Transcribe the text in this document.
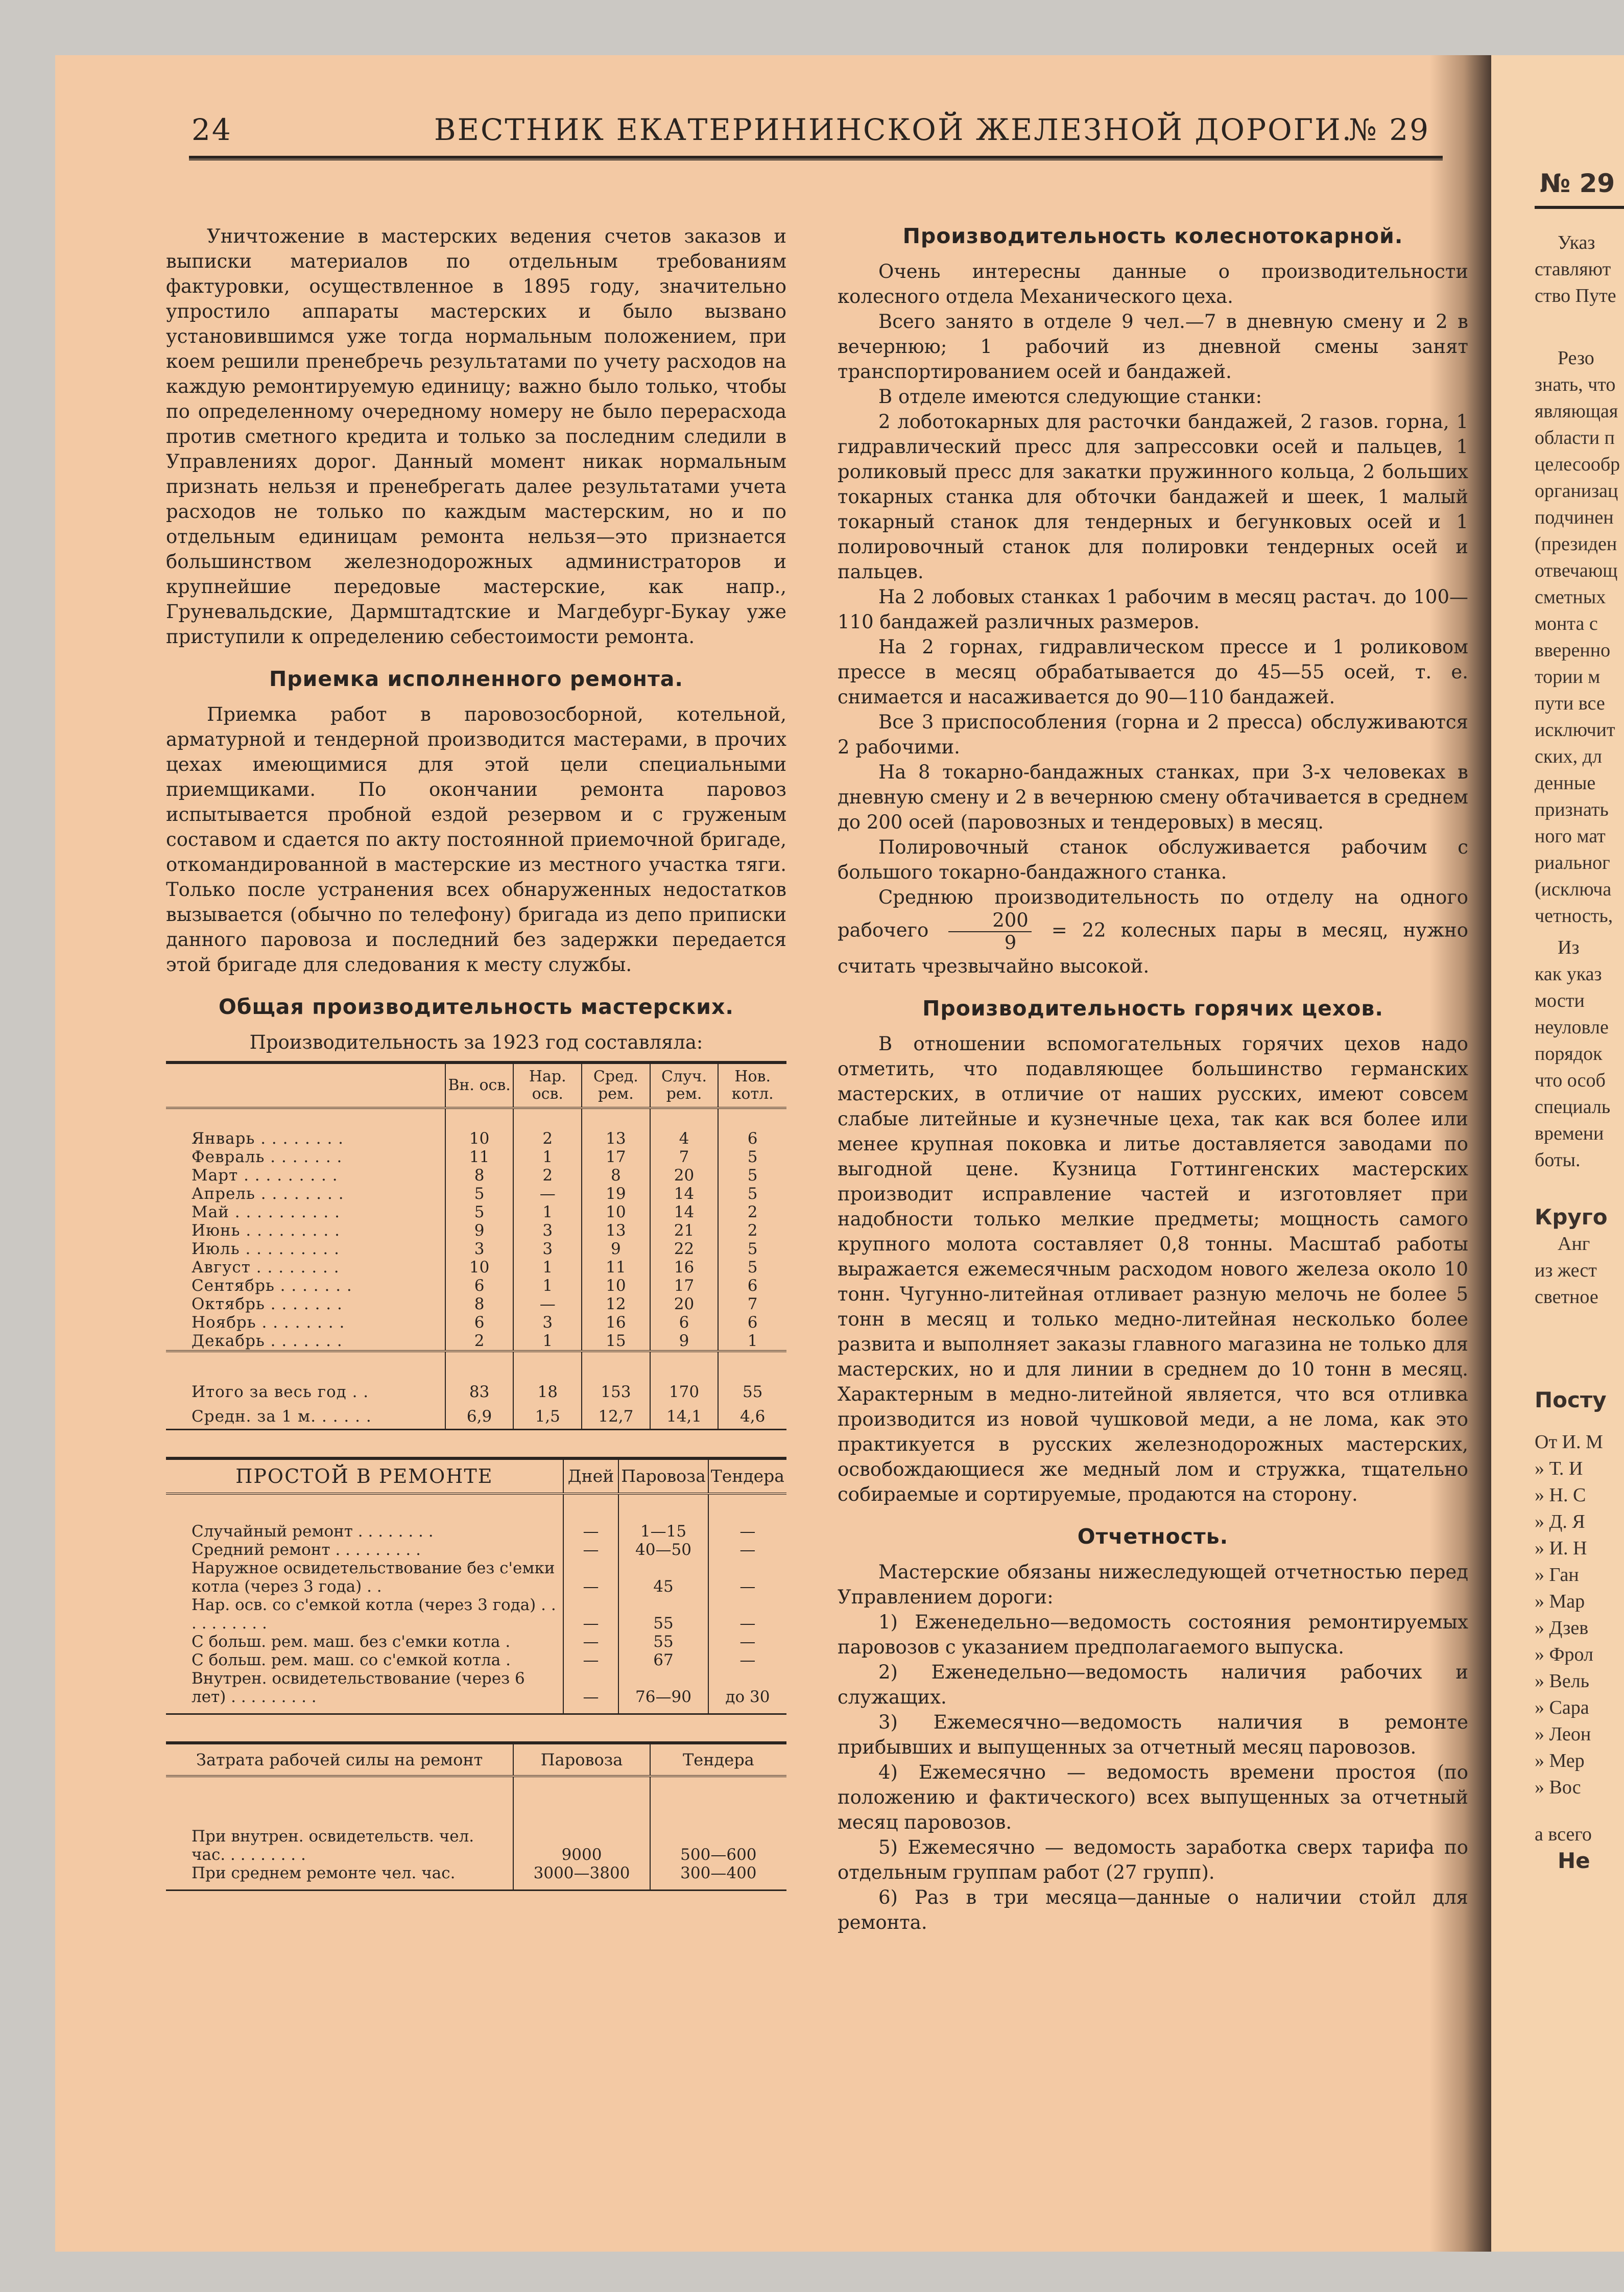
24	ВЕСТНИК ЕКАТЕРИНИНСКОЙ ЖЕЛЕЗНОЙ ДОРОГИ.
№ 29

Уничтожение в мастерских ведения счетов заказов и выписки материалов по отдельным требованиям фактуровки, осуществленное в 1895 году, значительно упростило аппараты мастерских и было вызвано установившимся уже тогда нормальным положением, при коем решили пренебречь результатами по учету расходов на каждую ремонтируемую единицу; важно было только, чтобы по определенному очередному номеру не было перерасхода против сметного кредита и только за последним следили в Управлениях дорог. Данный момент никак нормальным признать нельзя и пренебрегать далее результатами учета расходов не только по каждым мастерским, но и по отдельным единицам ремонта нельзя—это признается большинством железнодорожных администраторов и крупнейшие передовые мастерские, как напр., Груневальдские, Дармштадтские и Магдебург-Букау уже приступили к определению себестоимости ремонта.

Приемка исполненного ремонта.

Приемка работ в паровозосборной, котельной, арматурной и тендерной производится мастерами, в прочих цехах имеющимися для этой цели специальными приемщиками. По окончании ремонта паровоз испытывается пробной ездой резервом и с груженым составом и сдается по акту постоянной приемочной бригаде, откомандированной в мастерские из местного участка тяги. Только после устранения всех обнаруженных недостатков вызывается (обычно по телефону) бригада из депо приписки данного паровоза и последний без задержки передается этой бригаде для следования к месту службы.

Общая производительность мастерских.
Производительность за 1923 год составляла:
	Вн. осв.	Нар. осв.	Сред. рем.	Случ. рем.	Нов. котл.

Январь . . . . . . . .	10	2	13	4	6
Февраль . . . . . . .	11	1	17	7	5
Март . . . . . . . . .	8	2	8	20	5
Апрель . . . . . . . .	5	—	19	14	5
Май . . . . . . . . . .	5	1	10	14	2
Июнь . . . . . . . . .	9	3	13	21	2
Июль . . . . . . . . .	3	3	9	22	5
Август . . . . . . . .	10	1	11	16	5
Сентябрь . . . . . . .	6	1	10	17	6
Октябрь . . . . . . .	8	—	12	20	7
Ноябрь . . . . . . . .	6	3	16	6	6
Декабрь . . . . . . .	2	1	15	9	1
Итого за весь год . .	83	18	153	170	55
Средн. за 1 м. . . . . .	6,9	1,5	12,7	14,1	4,6
ПРОСТОЙ В РЕМОНТЕ	Дней	Паровоза	Тендера

Случайный ремонт . . . . . . . .	—	1—15	—
Средний ремонт . . . . . . . . .	—	40—50	—
Наружное освидетельствование без с'емки котла (через 3 года) . .	—	45	—
Нар. осв. со с'емкой котла (через 3 года) . . . . . . . . . .	—	55	—
С больш. рем. маш. без с'емки котла .	—	55	—
С больш. рем. маш. со с'емкой котла .	—	67	—
Внутрен. освидетельствование (через 6 лет) . . . . . . . . .	—	76—90	до 30
Затрата рабочей силы на ремонт	Паровоза	Тендера

При внутрен. освидетельств. чел. час. . . . . . . . .	9000	500—600
При среднем ремонте чел. час.	3000—3800	300—400
Производительность колеснотокарной.

Очень интересны данные о производительности колесного отдела Механического цеха.

Всего занято в отделе 9 чел.—7 в дневную смену и 2 в вечернюю; 1 рабочий из дневной смены занят транспортированием осей и бандажей.

В отделе имеются следующие станки:

2 лоботокарных для расточки бандажей, 2 газов. горна, 1 гидравлический пресс для запрессовки осей и пальцев, 1 роликовый пресс для закатки пружинного кольца, 2 больших токарных станка для обточки бандажей и шеек, 1 малый токарный станок для тендерных и бегунковых осей и 1 полировочный станок для полировки тендерных осей и пальцев.

На 2 лобовых станках 1 рабочим в месяц растач. до 100—110 бандажей различных размеров.

На 2 горнах, гидравлическом прессе и 1 роликовом прессе в месяц обрабатывается до 45—55 осей, т. е. снимается и насаживается до 90—110 бандажей.

Все 3 приспособления (горна и 2 пресса) обслуживаются 2 рабочими.

На 8 токарно-бандажных станках, при 3-х человеках в дневную смену и 2 в вечернюю смену обтачивается в среднем до 200 осей (паровозных и тендеровых) в месяц.

Полировочный станок обслуживается рабочим с большого токарно-бандажного станка.

Среднюю производительность по отделу на одного рабочего $\frac{200}{9} = 22$ колесных пары в месяц, нужно считать чрезвычайно высокой.

Производительность горячих цехов.

В отношении вспомогательных горячих цехов надо отметить, что подавляющее большинство германских мастерских, в отличие от наших русских, имеют совсем слабые литейные и кузнечные цеха, так как вся более или менее крупная поковка и литье доставляется заводами по выгодной цене. Кузница Готтингенских мастерских производит исправление частей и изготовляет при надобности только мелкие предметы; мощность самого крупного молота составляет 0,8 тонны. Масштаб работы выражается ежемесячным расходом нового железа около 10 тонн. Чугунно-литейная отливает разную мелочь не более 5 тонн в месяц и только медно-литейная несколько более развита и выполняет заказы главного магазина не только для мастерских, но и для линии в среднем до 10 тонн в месяц. Характерным в медно-литейной является, что вся отливка производится из новой чушковой меди, а не лома, как это практикуется в русских железнодорожных мастерских, освобождающиеся же медный лом и стружка, тщательно собираемые и сортируемые, продаются на сторону.

Отчетность.

Мастерские обязаны нижеследующей отчетностью перед Управлением дороги:

1) Еженедельно—ведомость состояния ремонтируемых паровозов с указанием предполагаемого выпуска.

2) Еженедельно—ведомость наличия рабочих и служащих.

3) Ежемесячно—ведомость наличия в ремонте прибывших и выпущенных за отчетный месяц паровозов.

4) Ежемесячно — ведомость времени простоя (по положению и фактического) всех выпущенных за отчетный месяц паровозов.

5) Ежемесячно — ведомость заработка сверх тарифа по отдельным группам работ (27 групп).

6) Раз в три месяца—данные о наличии стойл для ремонта.

№ 29
Указ
ставляют
ство Путе
Резо
знать, что
являющая
области п
целесообр
организац
подчинен
(президен
отвечающ
сметных
монта с
вверенно
тории м
пути все
исключит
ских, дл
денные
признать
ного мат
риальног
(исключа
четность,
Из
как указ
мости
неуловле
порядок
что особ
специаль
времени
боты.
Круго
Анг
из жест
светное
Посту
От И. М
» Т. И
» Н. С
» Д. Я
» И. Н
» Ган
» Мар
» Дзев
» Фрол
» Вель
» Сара
» Леон
» Мер
» Вос
а всего
Не
